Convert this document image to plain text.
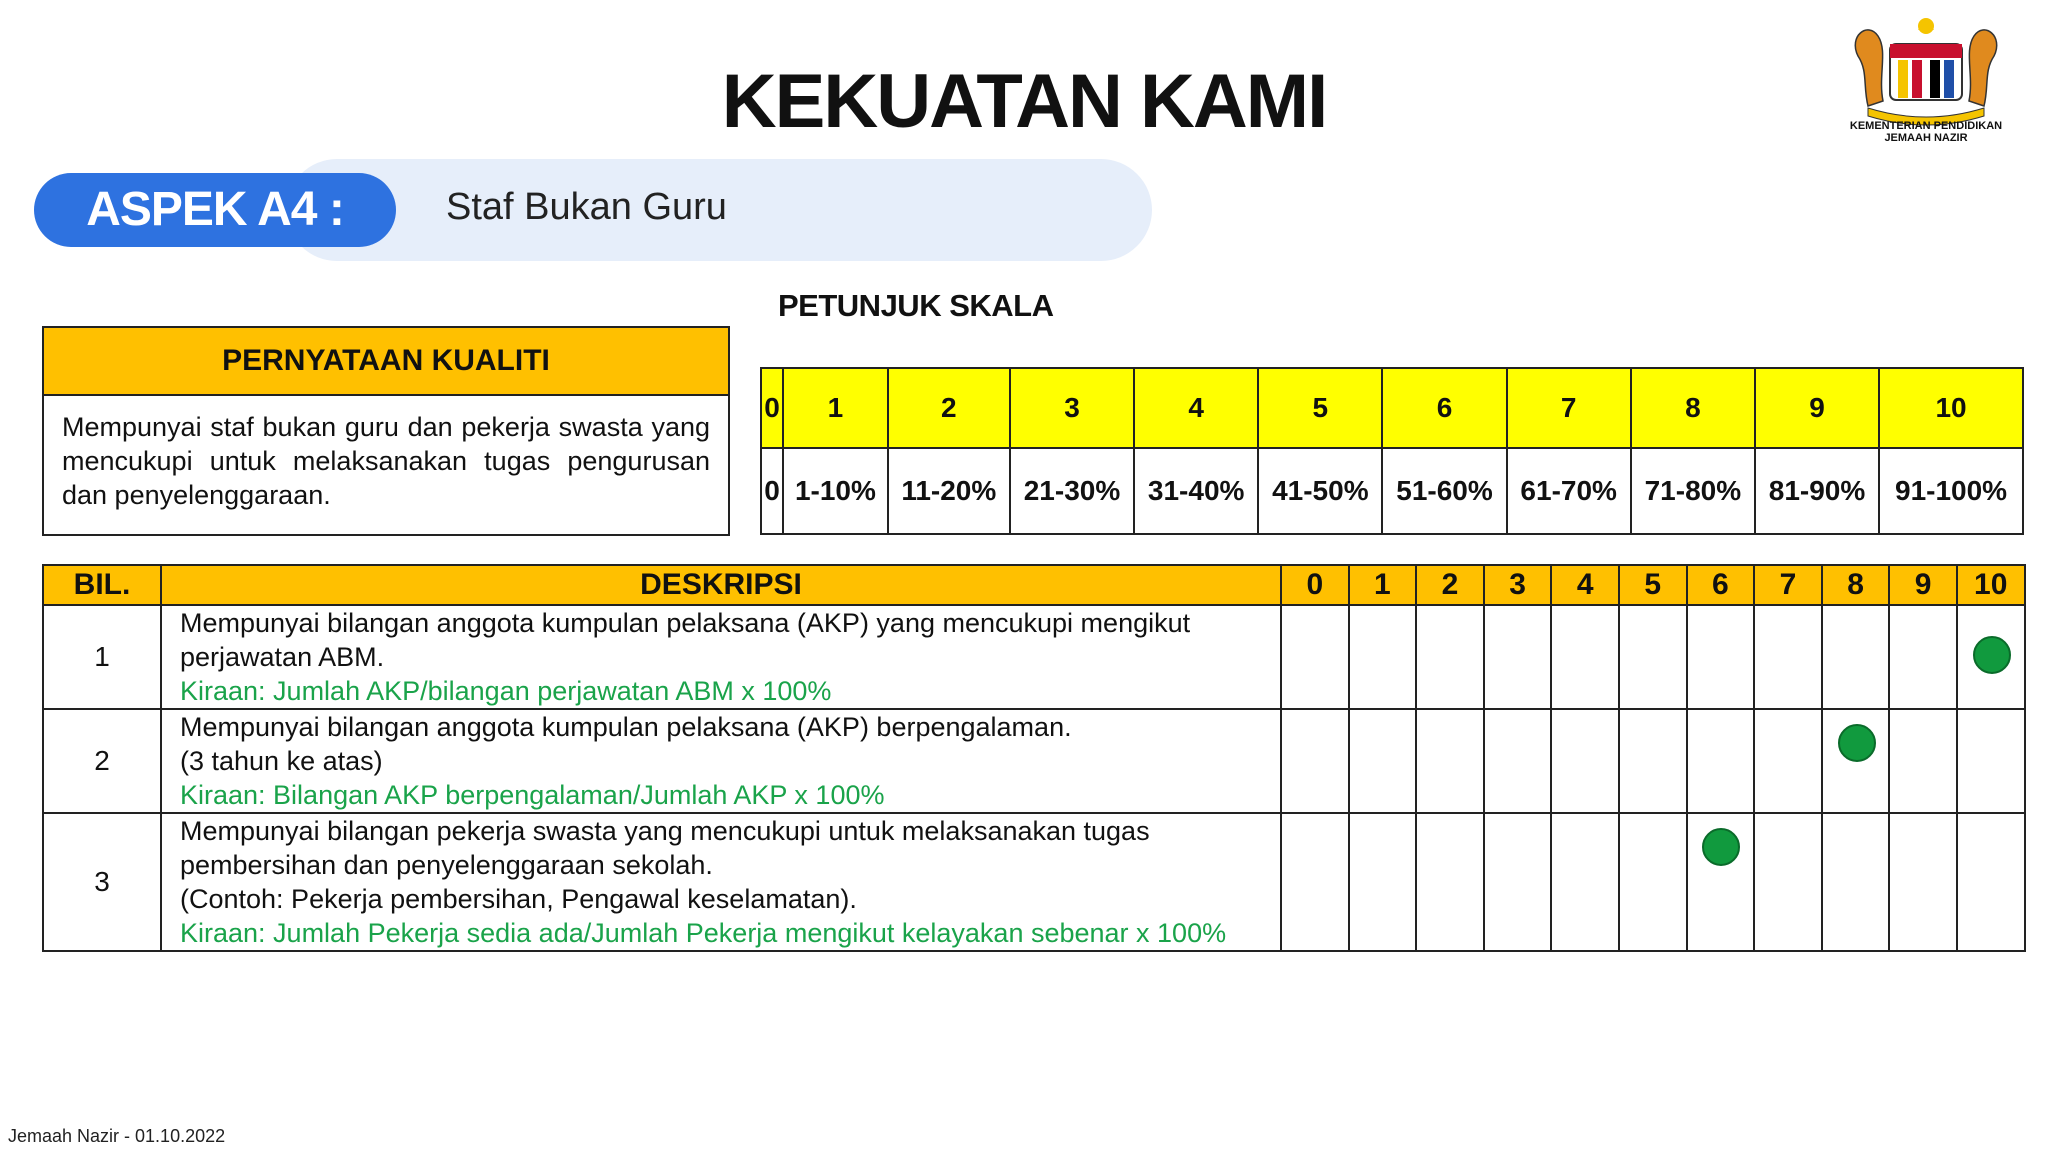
KEKUATAN KAMI	KEMENTERIAN PENDIDIKAN
JEMAAH NAZIR
ASPEK A4 :	Staf Bukan Guru
PETUNJUK SKALA
PERNYATAAN KUALITI
Mempunyai staf bukan guru dan pekerja swasta yang mencukupi untuk melaksanakan tugas pengurusan dan penyelenggaraan.
0	1	2	3	4	5	6	7	8	9	10
0	1-10%	11-20%	21-30%	31-40%	41-50%	51-60%	61-70%	71-80%	81-90%	91-100%
BIL.	DESKRIPSI	0	1	2	3	4	5	6	7	8	9	10
1	Mempunyai bilangan anggota kumpulan pelaksana (AKP) yang mencukupi mengikut perjawatan ABM.
Kiraan: Jumlah AKP/bilangan perjawatan ABM x 100%											

2	Mempunyai bilangan anggota kumpulan pelaksana (AKP) berpengalaman.
(3 tahun ke atas)
Kiraan: Bilangan AKP berpengalaman/Jumlah AKP x 100%											

3	Mempunyai bilangan pekerja swasta yang mencukupi untuk melaksanakan tugas pembersihan dan penyelenggaraan sekolah.
(Contoh: Pekerja pembersihan, Pengawal keselamatan).
Kiraan: Jumlah Pekerja sedia ada/Jumlah Pekerja mengikut kelayakan sebenar x 100%											

Jemaah Nazir - 01.10.2022
